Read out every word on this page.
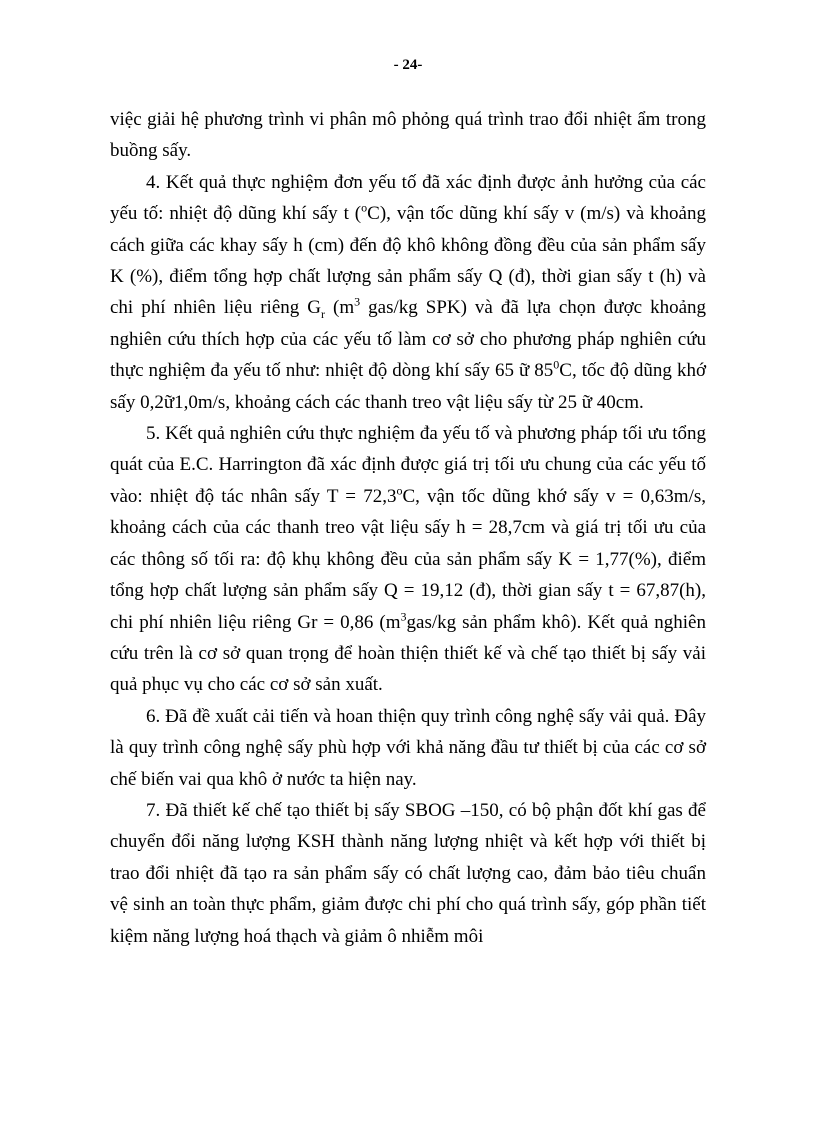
- 24-

việc giải hệ phương trình vi phân mô phỏng quá trình trao đổi nhiệt ẩm trong buồng sấy.

4. Kết quả thực nghiệm đơn yếu tố đã xác định được ảnh hưởng của các yếu tố: nhiệt độ dũng khí sấy t ($^o$C), vận tốc dũng khí sấy v (m/s) và khoảng cách giữa các khay sấy h (cm) đến độ khô không đồng đều của sản phẩm sấy K (%), điểm tổng hợp chất lượng sản phẩm sấy Q (đ), thời gian sấy t (h) và chi phí nhiên liệu riêng $G_r$ ($m^3$ gas/kg SPK) và đã lựa chọn được khoảng nghiên cứu thích hợp của các yếu tố làm cơ sở cho phương pháp nghiên cứu thực nghiệm đa yếu tố như: nhiệt độ dòng khí sấy 65 ữ $85^0C$, tốc độ dũng khớ sấy 0,2ữ1,0m/s, khoảng cách các thanh treo vật liệu sấy từ 25 ữ 40cm.

5. Kết quả nghiên cứu thực nghiệm đa yếu tố và phương pháp tối ưu tổng quát của E.C. Harrington đã xác định được giá trị tối ưu chung của các yếu tố vào: nhiệt độ tác nhân sấy $T = 72,3^oC$, vận tốc dũng khớ sấy v = 0,63m/s, khoảng cách của các thanh treo vật liệu sấy h = 28,7cm và giá trị tối ưu của các thông số tối ra: độ khụ không đều của sản phẩm sấy K = 1,77(%), điểm tổng hợp chất lượng sản phẩm sấy Q = 19,12 (đ), thời gian sấy t = 67,87(h), chi phí nhiên liệu riêng Gr = 0,86 ($m^3gas/kg$ sản phẩm khô). Kết quả nghiên cứu trên là cơ sở quan trọng để hoàn thiện thiết kế và chế tạo thiết bị sấy vải quả phục vụ cho các cơ sở sản xuất.

6. Đã đề xuất cải tiến và hoan thiện quy trình công nghệ sấy vải quả. Đây là quy trình công nghệ sấy phù hợp với khả năng đầu tư thiết bị của các cơ sở chế biến vai qua khô ở nước ta hiện nay.

7. Đã thiết kế chế tạo thiết bị sấy SBOG –150, có bộ phận đốt khí gas để chuyển đổi năng lượng KSH thành năng lượng nhiệt và kết hợp với thiết bị trao đổi nhiệt đã tạo ra sản phẩm sấy có chất lượng cao, đảm bảo tiêu chuẩn vệ sinh an toàn thực phẩm, giảm được chi phí cho quá trình sấy, góp phần tiết kiệm năng lượng hoá thạch và giảm ô nhiễm môi
